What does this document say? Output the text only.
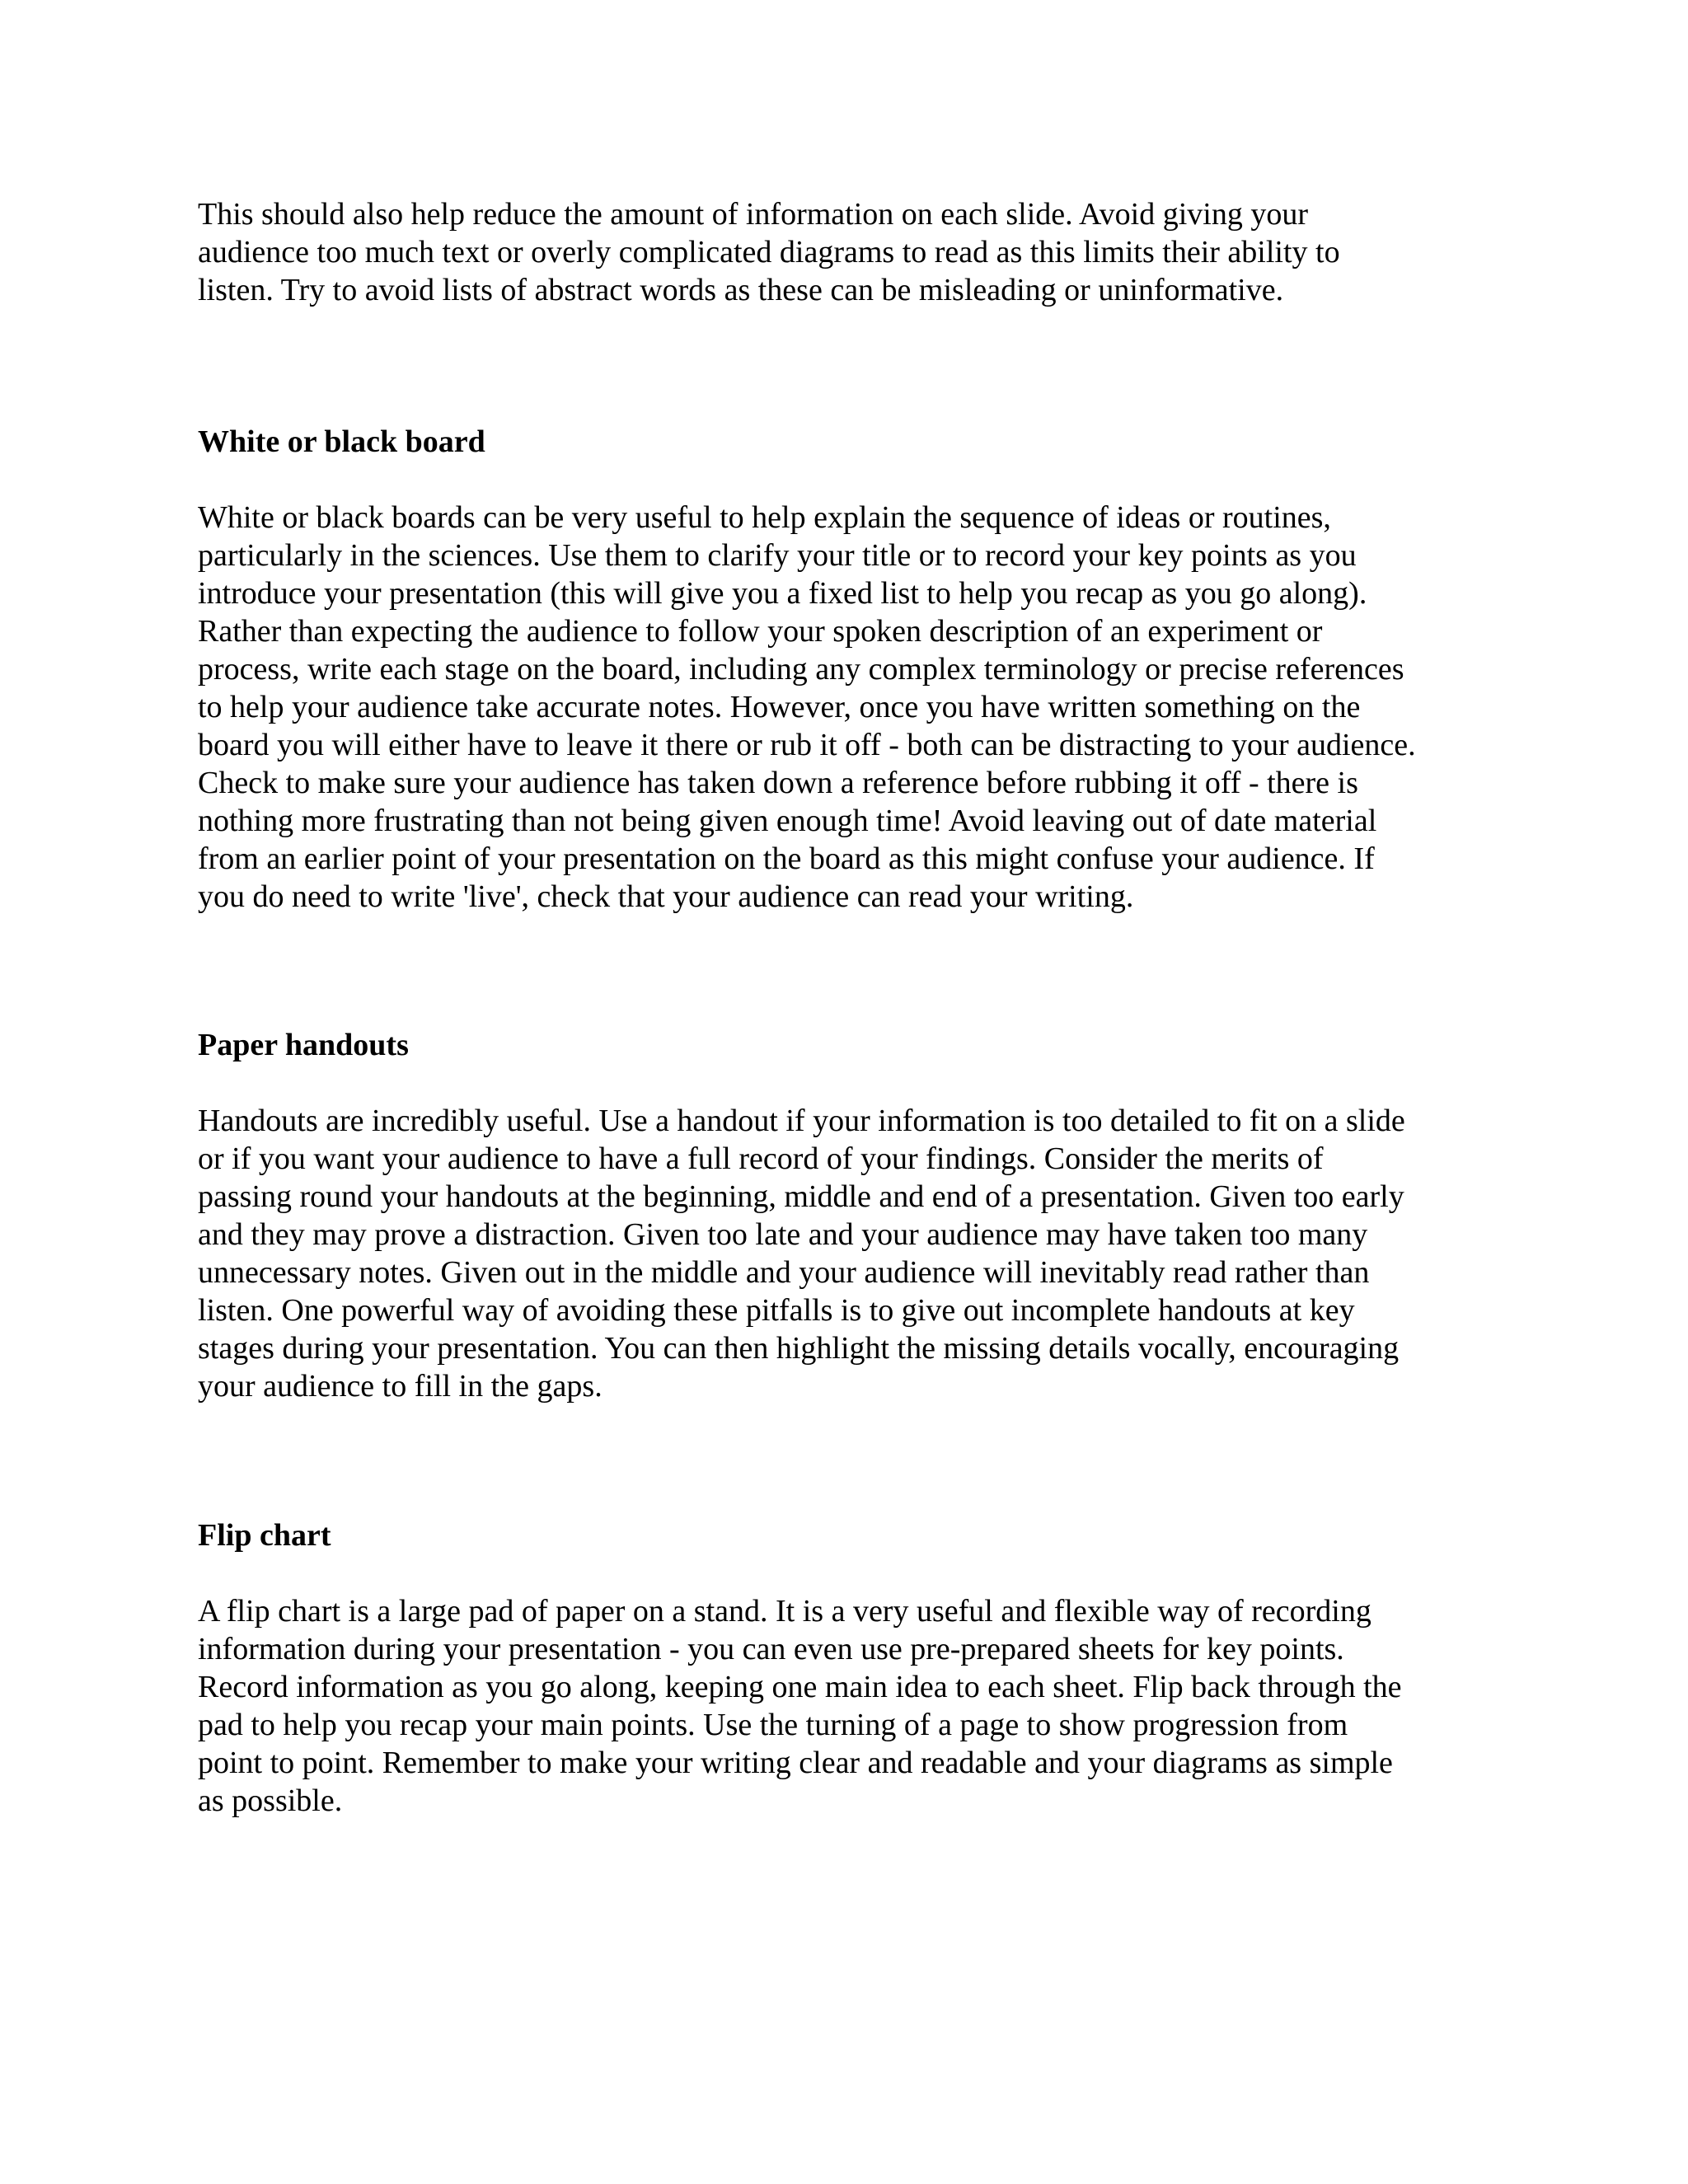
This should also help reduce the amount of information on each slide. Avoid giving your
audience too much text or overly complicated diagrams to read as this limits their ability to
listen. Try to avoid lists of abstract words as these can be misleading or uninformative.

White or black board

White or black boards can be very useful to help explain the sequence of ideas or routines,
particularly in the sciences. Use them to clarify your title or to record your key points as you
introduce your presentation (this will give you a fixed list to help you recap as you go along).
Rather than expecting the audience to follow your spoken description of an experiment or
process, write each stage on the board, including any complex terminology or precise references
to help your audience take accurate notes. However, once you have written something on the
board you will either have to leave it there or rub it off - both can be distracting to your audience.
Check to make sure your audience has taken down a reference before rubbing it off - there is
nothing more frustrating than not being given enough time! Avoid leaving out of date material
from an earlier point of your presentation on the board as this might confuse your audience. If
you do need to write 'live', check that your audience can read your writing.

Paper handouts

Handouts are incredibly useful. Use a handout if your information is too detailed to fit on a slide
or if you want your audience to have a full record of your findings. Consider the merits of
passing round your handouts at the beginning, middle and end of a presentation. Given too early
and they may prove a distraction. Given too late and your audience may have taken too many
unnecessary notes. Given out in the middle and your audience will inevitably read rather than
listen. One powerful way of avoiding these pitfalls is to give out incomplete handouts at key
stages during your presentation. You can then highlight the missing details vocally, encouraging
your audience to fill in the gaps.

Flip chart

A flip chart is a large pad of paper on a stand. It is a very useful and flexible way of recording
information during your presentation - you can even use pre-prepared sheets for key points.
Record information as you go along, keeping one main idea to each sheet. Flip back through the
pad to help you recap your main points. Use the turning of a page to show progression from
point to point. Remember to make your writing clear and readable and your diagrams as simple
as possible.
